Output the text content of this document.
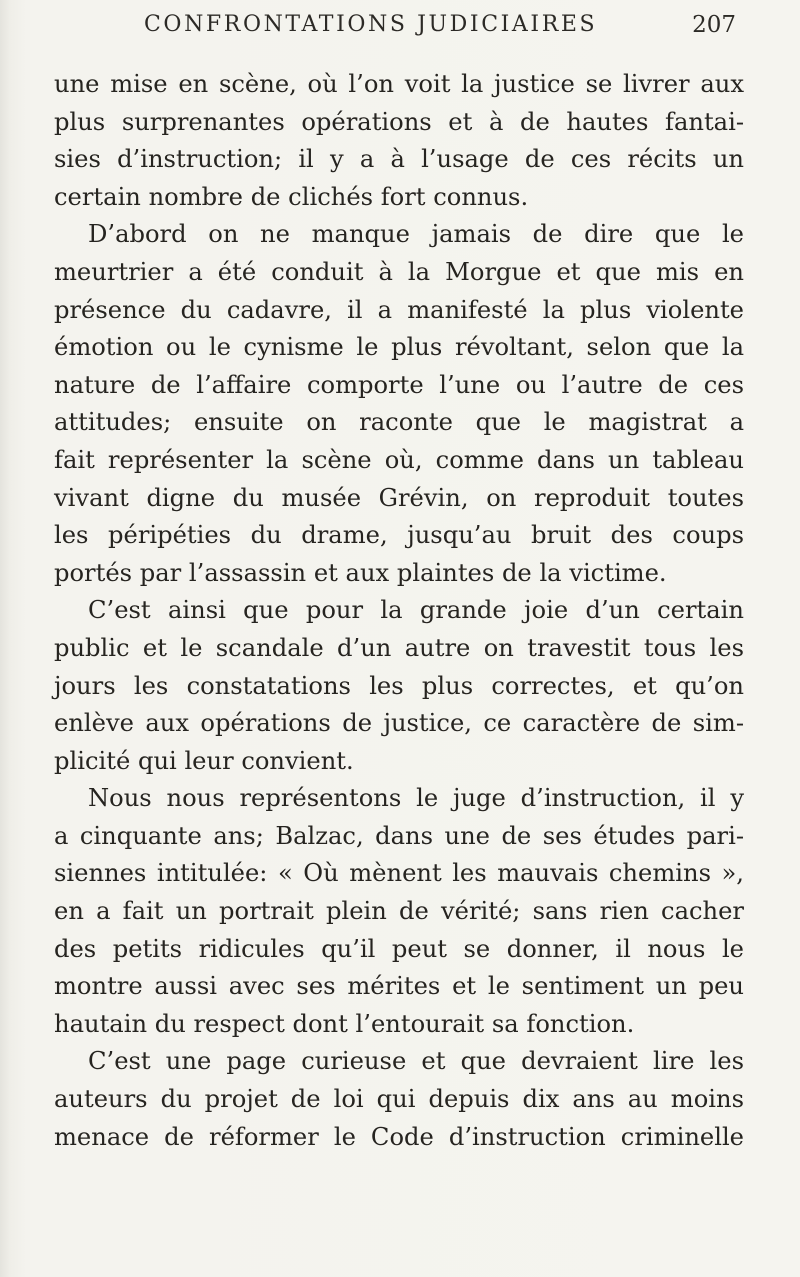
CONFRONTATIONS JUDICIAIRES	207
une mise en scène, où l’on voit la justice se livrer aux
plus surprenantes opérations et à de hautes fantai-
sies d’instruction; il y a à l’usage de ces récits un
certain nombre de clichés fort connus.
D’abord on ne manque jamais de dire que le
meurtrier a été conduit à la Morgue et que mis en
présence du cadavre, il a manifesté la plus violente
émotion ou le cynisme le plus révoltant, selon que la
nature de l’affaire comporte l’une ou l’autre de ces
attitudes; ensuite on raconte que le magistrat a
fait représenter la scène où, comme dans un tableau
vivant digne du musée Grévin, on reproduit toutes
les péripéties du drame, jusqu’au bruit des coups
portés par l’assassin et aux plaintes de la victime.
C’est ainsi que pour la grande joie d’un certain
public et le scandale d’un autre on travestit tous les
jours les constatations les plus correctes, et qu’on
enlève aux opérations de justice, ce caractère de sim-
plicité qui leur convient.
Nous nous représentons le juge d’instruction, il y
a cinquante ans; Balzac, dans une de ses études pari-
siennes intitulée: « Où mènent les mauvais chemins »,
en a fait un portrait plein de vérité; sans rien cacher
des petits ridicules qu’il peut se donner, il nous le
montre aussi avec ses mérites et le sentiment un peu
hautain du respect dont l’entourait sa fonction.
C’est une page curieuse et que devraient lire les
auteurs du projet de loi qui depuis dix ans au moins
menace de réformer le Code d’instruction criminelle
